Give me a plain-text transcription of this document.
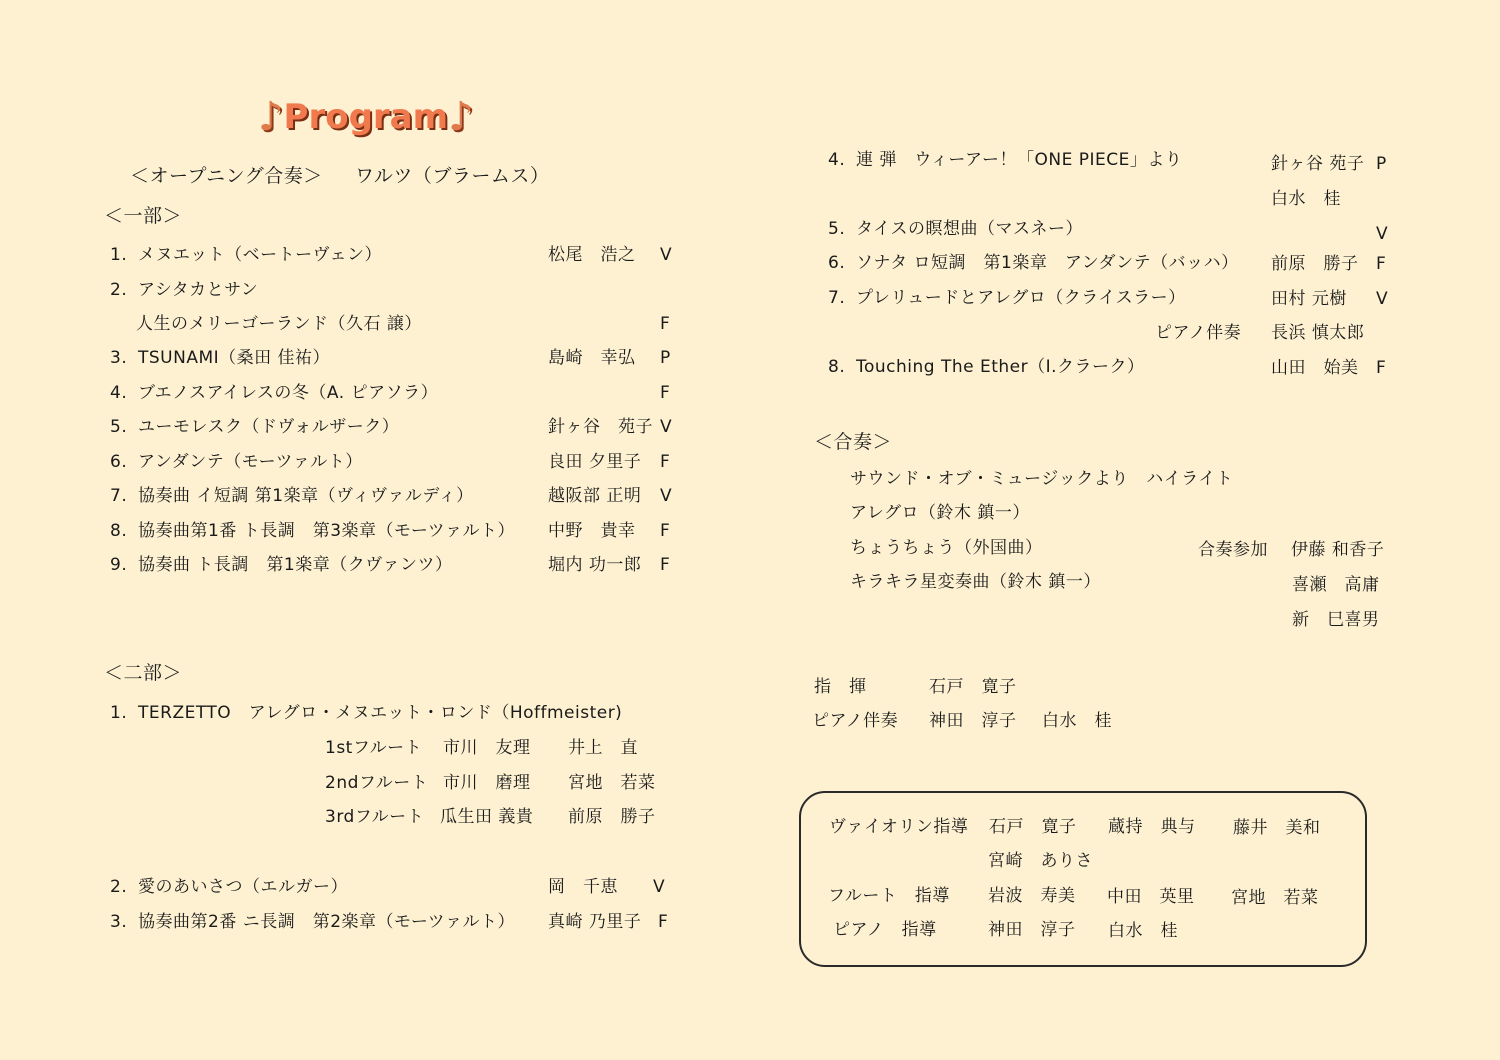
♪ Program ♪
＜オープニング合奏＞ ワルツ（ブラームス）
＜一部＞
1. メヌエット（ベートーヴェン）	松尾　浩之 V
2. アシタカとサン
人生のメリーゴーランド（久石 譲）	F
3. TSUNAMI（桑田 佳祐）	島崎　幸弘 P
4. ブエノスアイレスの冬（A. ピアソラ）	F
5. ユーモレスク（ドヴォルザーク）	針ヶ谷　苑子 V
6. アンダンテ（モーツァルト）	良田 夕里子 F
7. 協奏曲 イ短調 第1楽章（ヴィヴァルディ）	越阪部 正明 V
8. 協奏曲第1番 ト長調　第3楽章（モーツァルト） 中野　貴幸 F
9. 協奏曲 ト長調　第1楽章（クヴァンツ）	堀内 功一郎 F
＜二部＞
1. TERZETTO　アレグロ・メヌエット・ロンド（Hoffmeister)
1stフルート 市川　友理 井上　直
2ndフルート 市川　磨理 宮地　若菜
3rdフルート 瓜生田 義貴 前原　勝子
2. 愛のあいさつ（エルガー）	岡　千恵 V
3. 協奏曲第2番 ニ長調　第2楽章（モーツァルト） 真崎 乃里子 F
4. 連 弾　ウィーアー！「ONE PIECE」より	針ヶ谷 苑子 P
白水　桂
5. タイスの瞑想曲（マスネー）	V
6. ソナタ ロ短調　第1楽章　アンダンテ（バッハ） 前原　勝子 F
7. プレリュードとアレグロ（クライスラー）	田村 元樹 V
ピアノ伴奏 長浜 慎太郎
8. Touching The Ether（I.クラーク）	山田　始美 F
＜合奏＞
サウンド・オブ・ミュージックより　ハイライト
アレグロ（鈴木 鎮一）
ちょうちょう（外国曲）
キラキラ星変奏曲（鈴木 鎮一）
合奏参加 伊藤 和香子
喜瀬　高庸
新　巳喜男
指　揮	石戸　寛子
ピアノ伴奏 神田　淳子 白水　桂
ヴァイオリン指導 石戸　寛子 蔵持　典与 藤井　美和
宮崎　ありさ
フルート　指導 岩波　寿美 中田　英里 宮地　若菜
ピアノ　指導	神田　淳子 白水　桂
